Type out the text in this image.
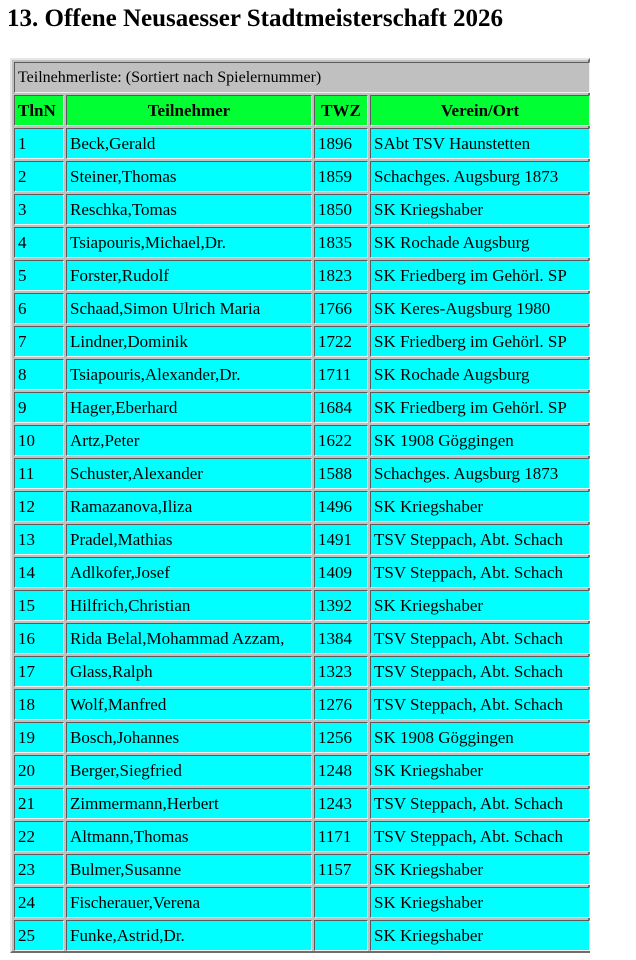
13. Offene Neusaesser Stadtmeisterschaft 2026
Teilnehmerliste: (Sortiert nach Spielernummer)			
TlnN	Teilnehmer	TWZ	Verein/Ort
1	Beck,Gerald	1896	SAbt TSV Haunstetten
2	Steiner,Thomas	1859	Schachges. Augsburg 1873
3	Reschka,Tomas	1850	SK Kriegshaber
4	Tsiapouris,Michael,Dr.	1835	SK Rochade Augsburg
5	Forster,Rudolf	1823	SK Friedberg im Gehörl. SP
6	Schaad,Simon Ulrich Maria	1766	SK Keres-Augsburg 1980
7	Lindner,Dominik	1722	SK Friedberg im Gehörl. SP
8	Tsiapouris,Alexander,Dr.	1711	SK Rochade Augsburg
9	Hager,Eberhard	1684	SK Friedberg im Gehörl. SP
10	Artz,Peter	1622	SK 1908 Göggingen
11	Schuster,Alexander	1588	Schachges. Augsburg 1873
12	Ramazanova,Iliza	1496	SK Kriegshaber
13	Pradel,Mathias	1491	TSV Steppach, Abt. Schach
14	Adlkofer,Josef	1409	TSV Steppach, Abt. Schach
15	Hilfrich,Christian	1392	SK Kriegshaber
16	Rida Belal,Mohammad Azzam,	1384	TSV Steppach, Abt. Schach
17	Glass,Ralph	1323	TSV Steppach, Abt. Schach
18	Wolf,Manfred	1276	TSV Steppach, Abt. Schach
19	Bosch,Johannes	1256	SK 1908 Göggingen
20	Berger,Siegfried	1248	SK Kriegshaber
21	Zimmermann,Herbert	1243	TSV Steppach, Abt. Schach
22	Altmann,Thomas	1171	TSV Steppach, Abt. Schach
23	Bulmer,Susanne	1157	SK Kriegshaber
24	Fischerauer,Verena		SK Kriegshaber
25	Funke,Astrid,Dr.		SK Kriegshaber
